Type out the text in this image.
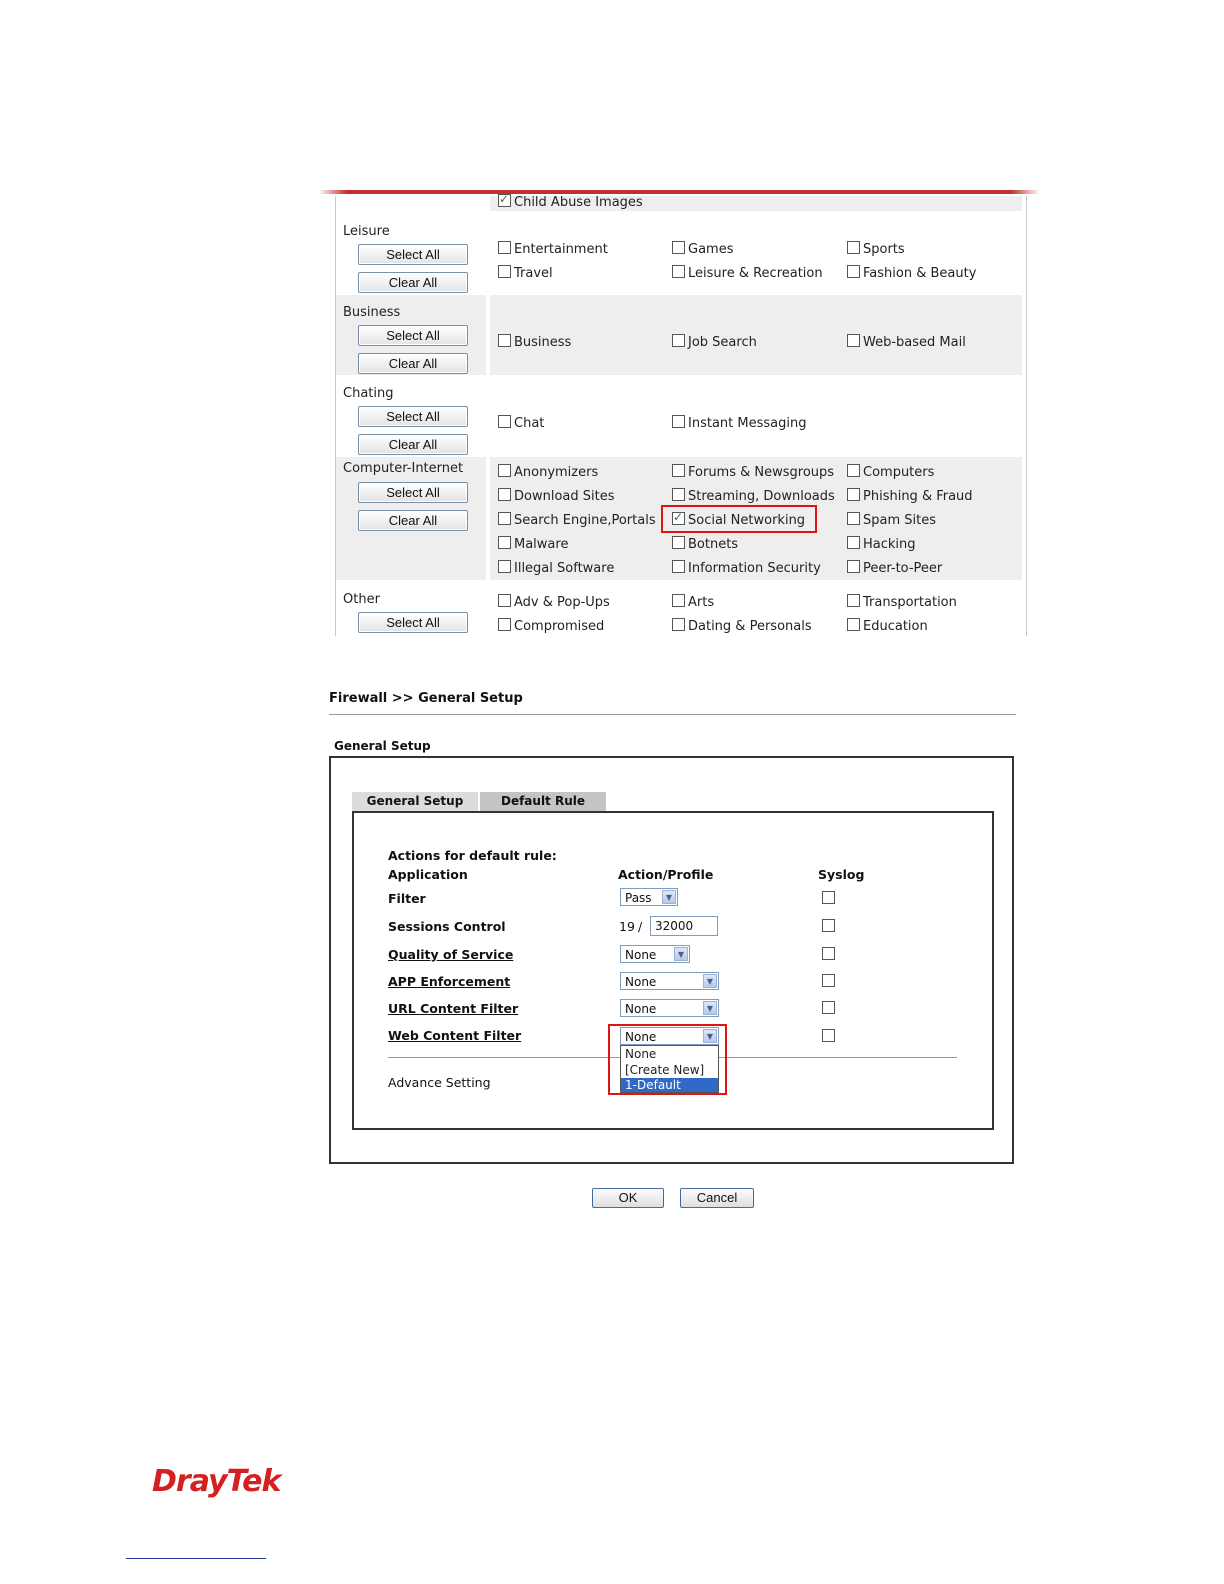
✓Child Abuse Images
Leisure
Select All
Clear All
Entertainment	Games	Sports
Travel	Leisure & Recreation	Fashion & Beauty
Business
Select All
Clear All
Business	Job Search	Web-based Mail
Chating
Select All
Clear All
Chat	Instant Messaging
Computer-Internet
Select All
Clear All
Anonymizers	Forums & Newsgroups	Computers
Download Sites	Streaming, Downloads	Phishing & Fraud
Search Engine,Portals
✓	Social Networking	Spam Sites
Malware	Botnets	Hacking
Illegal Software	Information Security	Peer-to-Peer
Other
Select All
Adv & Pop-Ups	Arts	Transportation
Compromised	Dating & Personals	Education
Firewall >> General Setup
General Setup
General Setup	Default Rule
Actions for default rule:
Application	Action/Profile	Syslog
Filter	Pass	▼
Sessions Control	19 /	32000
Quality of Service	None	▼
APP Enforcement	None	▼
URL Content Filter	None	▼
Web Content Filter	None	▼
Advance Setting
None
[Create New]
1-Default
OK	Cancel
DrayTek
